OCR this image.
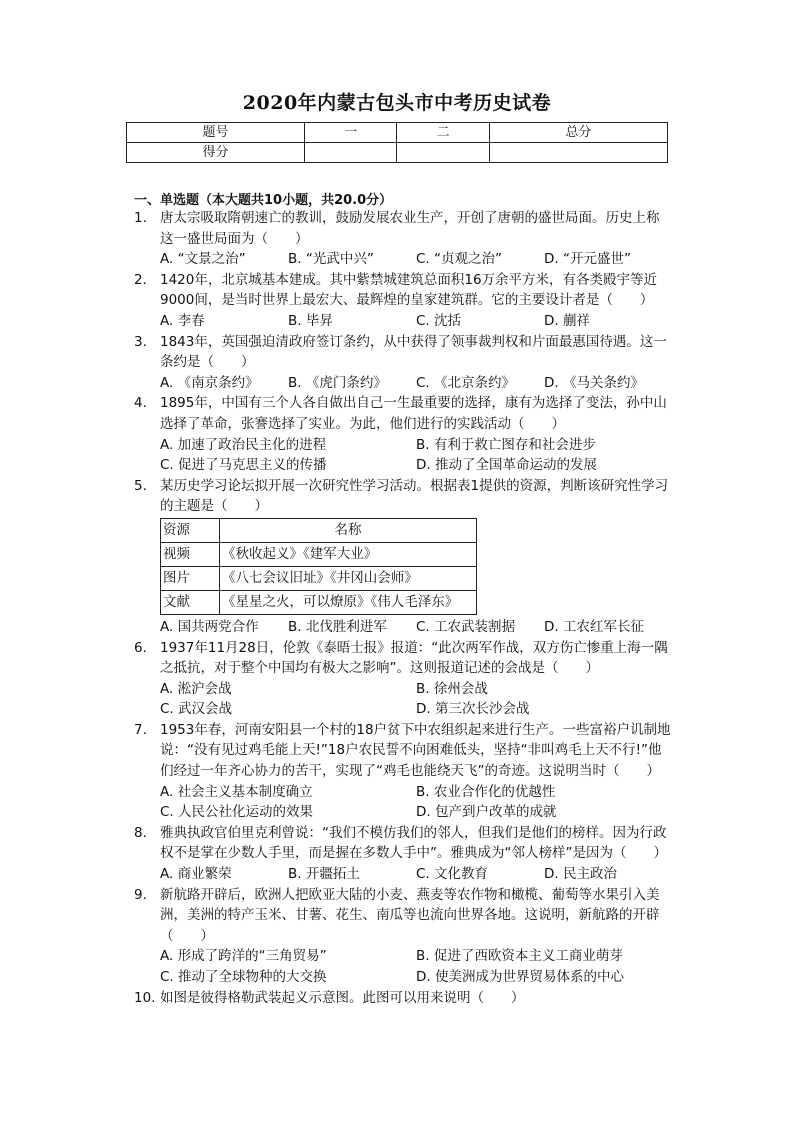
2020年内蒙古包头市中考历史试卷
题号	一	二	总分
得分			
一、单选题（本大题共10小题，共20.0分）
1. 唐太宗吸取隋朝速亡的教训，鼓励发展农业生产，开创了唐朝的盛世局面。历史上称这一盛世局面为（　　）
A. “文景之治”	B. “光武中兴”	C. “贞观之治”	D. “开元盛世”
2. 1420年，北京城基本建成。其中紫禁城建筑总面积16万余平方米，有各类殿宇等近9000间，是当时世界上最宏大、最辉煌的皇家建筑群。它的主要设计者是（　　）
A. 李春	B. 毕昇	C. 沈括	D. 蒯祥
3. 1843年，英国强迫清政府签订条约，从中获得了领事裁判权和片面最惠国待遇。这一条约是（　　）
A. 《南京条约》	B. 《虎门条约》	C. 《北京条约》	D. 《马关条约》
4. 1895年，中国有三个人各自做出自己一生最重要的选择，康有为选择了变法，孙中山选择了革命，张謇选择了实业。为此，他们进行的实践活动（　　）
A. 加速了政治民主化的进程	B. 有利于救亡图存和社会进步
C. 促进了马克思主义的传播	D. 推动了全国革命运动的发展
5. 某历史学习论坛拟开展一次研究性学习活动。根据表1提供的资源，判断该研究性学习的主题是（　　）
资源	名称
视频	《秋收起义》《建军大业》
图片	《八七会议旧址》《井冈山会师》
文献	《星星之火，可以燎原》《伟人毛泽东》
A. 国共两党合作	B. 北伐胜利进军	C. 工农武装割据	D. 工农红军长征
6. 1937年11月28日，伦敦《泰晤士报》报道：“此次两军作战，双方伤亡惨重上海一隅之抵抗，对于整个中国均有极大之影响”。这则报道记述的会战是（　　）
A. 淞沪会战	B. 徐州会战
C. 武汉会战	D. 第三次长沙会战
7. 1953年春，河南安阳县一个村的18户贫下中农组织起来进行生产。一些富裕户讥制地说：“没有见过鸡毛能上天!”18户农民誓不向困难低头，坚持“非叫鸡毛上天不行!”他们经过一年齐心协力的苦干，实现了“鸡毛也能绕天飞”的奇迹。这说明当时（　　）
A. 社会主义基本制度确立	B. 农业合作化的优越性
C. 人民公社化运动的效果	D. 包产到户改革的成就
8. 雅典执政官伯里克利曾说：“我们不模仿我们的邻人，但我们是他们的榜样。因为行政权不是掌在少数人手里，而是握在多数人手中”。雅典成为“邻人榜样”是因为（　　）
A. 商业繁荣	B. 开疆拓土	C. 文化教育	D. 民主政治
9. 新航路开辟后，欧洲人把欧亚大陆的小麦、燕麦等农作物和橄榄、葡萄等水果引入美洲，美洲的特产玉米、甘薯、花生、南瓜等也流向世界各地。这说明，新航路的开辟（　　）
A. 形成了跨洋的“三角贸易”	B. 促进了西欧资本主义工商业萌芽
C. 推动了全球物种的大交换	D. 使美洲成为世界贸易体系的中心
10. 如图是彼得格勒武装起义示意图。此图可以用来说明（　　）
